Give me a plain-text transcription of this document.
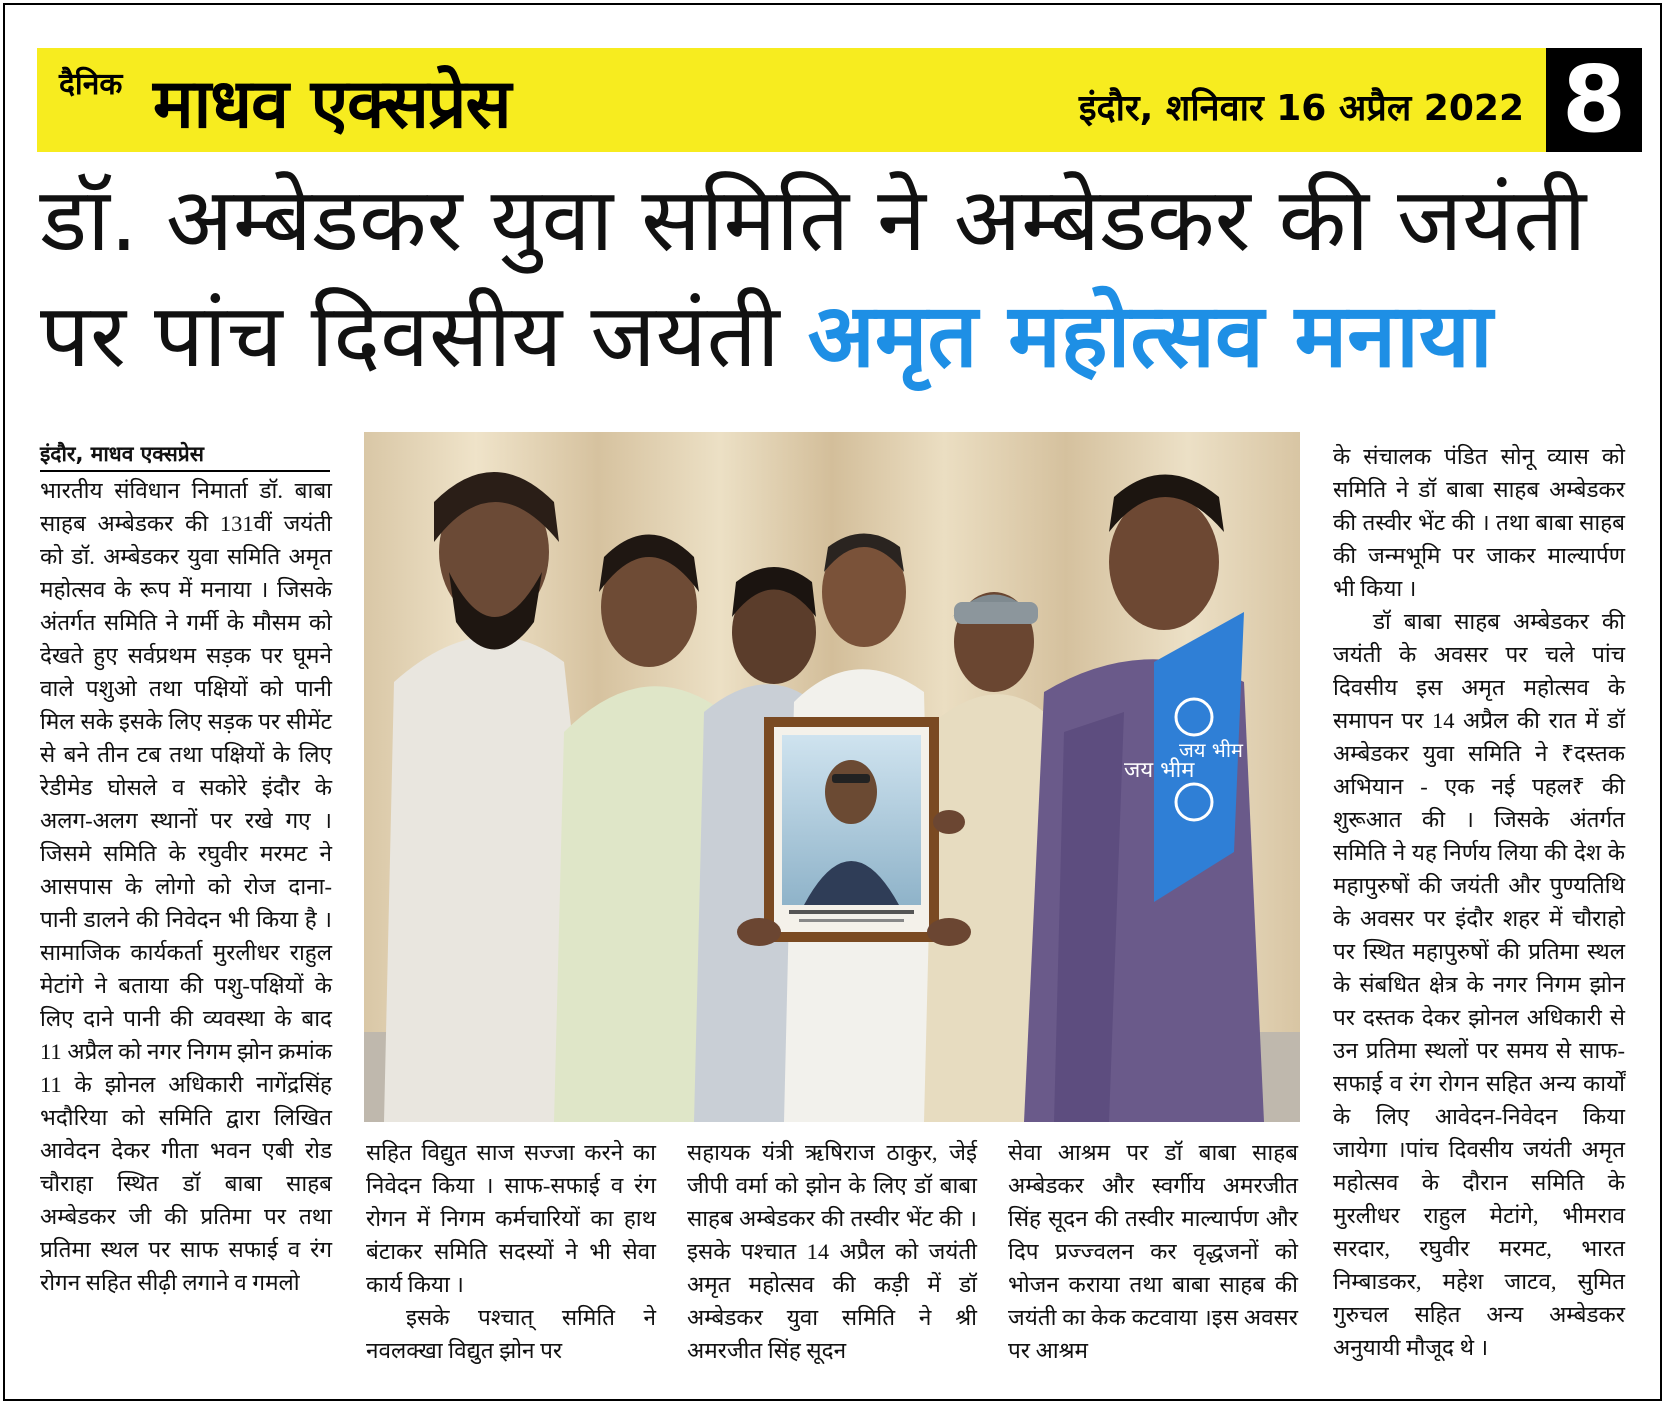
दैनिक माधव एक्सप्रेस	इंदौर, शनिवार 16 अप्रैल 2022 8
डॉ. अम्बेडकर युवा समिति ने अम्बेडकर की जयंती पर पांच दिवसीय जयंती अमृत महोत्सव मनाया
इंदौर, माधव एक्सप्रेस

भारतीय संविधान निमार्ता डॉ. बाबा साहब अम्बेडकर की 131वीं जयंती को डॉ. अम्बेडकर युवा समिति अमृत महोत्सव के रूप में मनाया । जिसके अंतर्गत समिति ने गर्मी के मौसम को देखते हुए सर्वप्रथम सड़क पर घूमने वाले पशुओ तथा पक्षियों को पानी मिल सके इसके लिए सड़क पर सीमेंट से बने तीन टब तथा पक्षियों के लिए रेडीमेड घोसले व सकोरे इंदौर के अलग-अलग स्थानों पर रखे गए ।जिसमे समिति के रघुवीर मरमट ने आसपास के लोगो को रोज दाना-पानी डालने की निवेदन भी किया है ।सामाजिक कार्यकर्ता मुरलीधर राहुल मेटांगे ने बताया की पशु-पक्षियों के लिए दाने पानी की व्यवस्था के बाद 11 अप्रैल को नगर निगम झोन क्रमांक 11 के झोनल अधिकारी नागेंद्रसिंह भदौरिया को समिति द्वारा लिखित आवेदन देकर गीता भवन एबी रोड चौराहा स्थित डॉ बाबा साहब अम्बेडकर जी की प्रतिमा पर तथा प्रतिमा स्थल पर साफ सफाई व रंग रोगन सहित सीढ़ी लगाने व गमलो

जय भीम
जय भीम

सहित विद्युत साज सज्जा करने का निवेदन किया । साफ-सफाई व रंग रोगन में निगम कर्मचारियों का हाथ बंटाकर समिति सदस्यों ने भी सेवा कार्य किया ।

इसके पश्चात् समिति ने नवलक्खा विद्युत झोन पर

सहायक यंत्री ऋषिराज ठाकुर, जेई जीपी वर्मा को झोन के लिए डॉ बाबा साहब अम्बेडकर की तस्वीर भेंट की ।इसके पश्चात 14 अप्रैल को जयंती अमृत महोत्सव की कड़ी में डॉ अम्बेडकर युवा समिति ने श्री अमरजीत सिंह सूदन

सेवा आश्रम पर डॉ बाबा साहब अम्बेडकर और स्वर्गीय अमरजीत सिंह सूदन की तस्वीर माल्यार्पण और दिप प्रज्ज्वलन कर वृद्धजनों को भोजन कराया तथा बाबा साहब की जयंती का केक कटवाया ।इस अवसर पर आश्रम

के संचालक पंडित सोनू व्यास को समिति ने डॉ बाबा साहब अम्बेडकर की तस्वीर भेंट की । तथा बाबा साहब की जन्मभूमि पर जाकर माल्यार्पण भी किया ।

डॉ बाबा साहब अम्बेडकर की जयंती के अवसर पर चले पांच दिवसीय इस अमृत महोत्सव के समापन पर 14 अप्रैल की रात में डॉ अम्बेडकर युवा समिति ने ₹दस्तक अभियान - एक नई पहल₹ की शुरूआत की । जिसके अंतर्गत समिति ने यह निर्णय लिया की देश के महापुरुषों की जयंती और पुण्यतिथि के अवसर पर इंदौर शहर में चौराहो पर स्थित महापुरुषों की प्रतिमा स्थल के संबधित क्षेत्र के नगर निगम झोन पर दस्तक देकर झोनल अधिकारी से उन प्रतिमा स्थलों पर समय से साफ-सफाई व रंग रोगन सहित अन्य कार्यों के लिए आवेदन-निवेदन किया जायेगा ।पांच दिवसीय जयंती अमृत महोत्सव के दौरान समिति के मुरलीधर राहुल मेटांगे, भीमराव सरदार, रघुवीर मरमट, भारत निम्बाडकर, महेश जाटव, सुमित गुरुचल सहित अन्य अम्बेडकर अनुयायी मौजूद थे ।
